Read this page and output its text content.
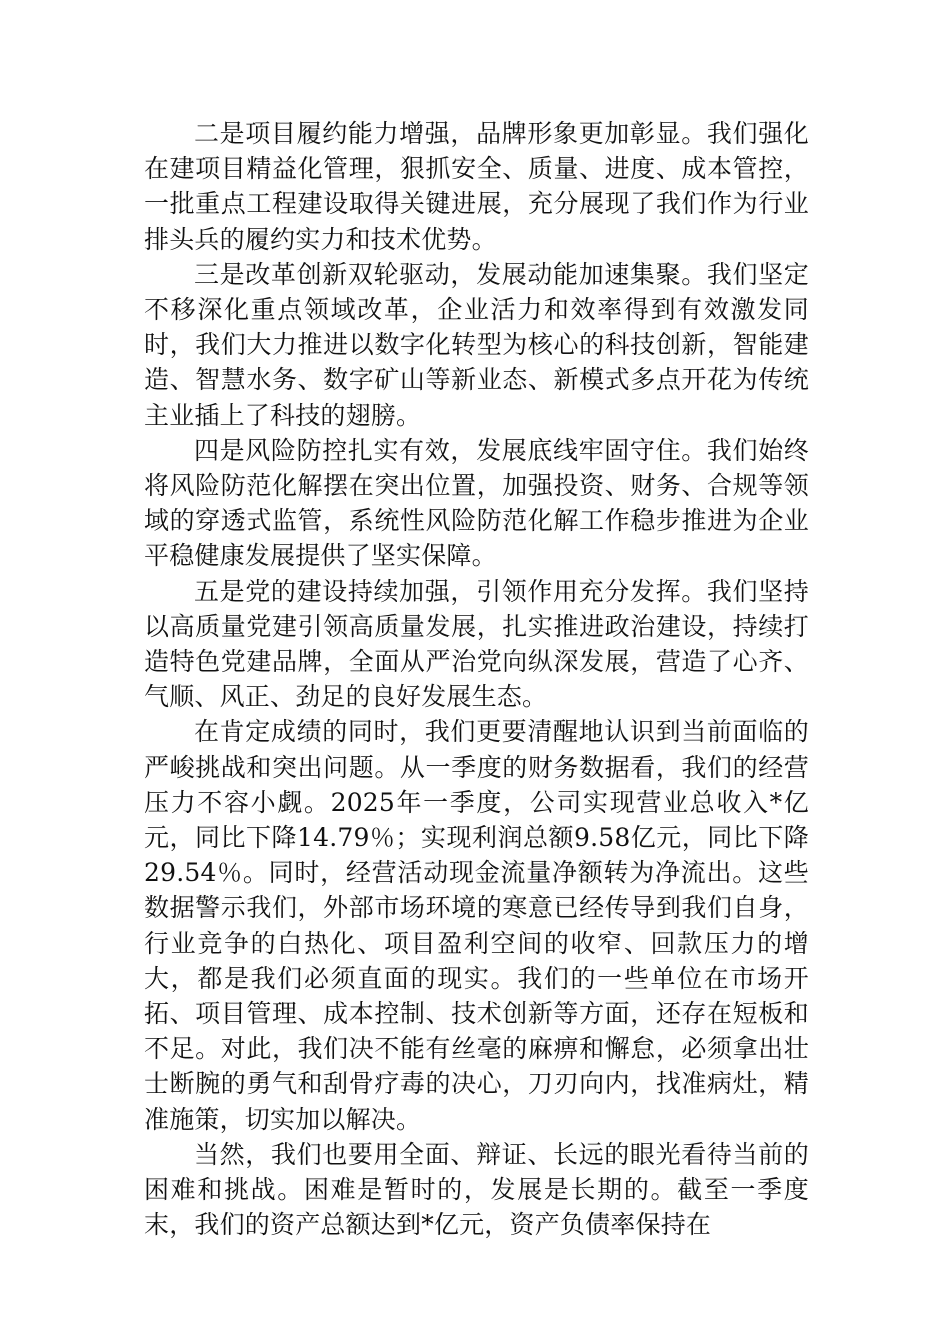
二是项目履约能力增强，品牌形象更加彰显。我们强化在建项目精益化管理，狠抓安全、质量、进度、成本管控，一批重点工程建设取得关键进展，充分展现了我们作为行业排头兵的履约实力和技术优势。

三是改革创新双轮驱动，发展动能加速集聚。我们坚定不移深化重点领域改革，企业活力和效率得到有效激发同时，我们大力推进以数字化转型为核心的科技创新，智能建造、智慧水务、数字矿山等新业态、新模式多点开花为传统主业插上了科技的翅膀。

四是风险防控扎实有效，发展底线牢固守住。我们始终将风险防范化解摆在突出位置，加强投资、财务、合规等领域的穿透式监管，系统性风险防范化解工作稳步推进为企业平稳健康发展提供了坚实保障。

五是党的建设持续加强，引领作用充分发挥。我们坚持以高质量党建引领高质量发展，扎实推进政治建设，持续打造特色党建品牌，全面从严治党向纵深发展，营造了心齐、气顺、风正、劲足的良好发展生态。

在肯定成绩的同时，我们更要清醒地认识到当前面临的严峻挑战和突出问题。从一季度的财务数据看，我们的经营压力不容小觑。2025年一季度，公司实现营业总收入*亿元，同比下降14.79％；实现利润总额9.58亿元，同比下降29.54％。同时，经营活动现金流量净额转为净流出。这些数据警示我们，外部市场环境的寒意已经传导到我们自身，行业竞争的白热化、项目盈利空间的收窄、回款压力的增大，都是我们必须直面的现实。我们的一些单位在市场开拓、项目管理、成本控制、技术创新等方面，还存在短板和不足。对此，我们决不能有丝毫的麻痹和懈怠，必须拿出壮士断腕的勇气和刮骨疗毒的决心，刀刃向内，找准病灶，精准施策，切实加以解决。

当然，我们也要用全面、辩证、长远的眼光看待当前的困难和挑战。困难是暂时的，发展是长期的。截至一季度末，我们的资产总额达到*亿元，资产负债率保持在
